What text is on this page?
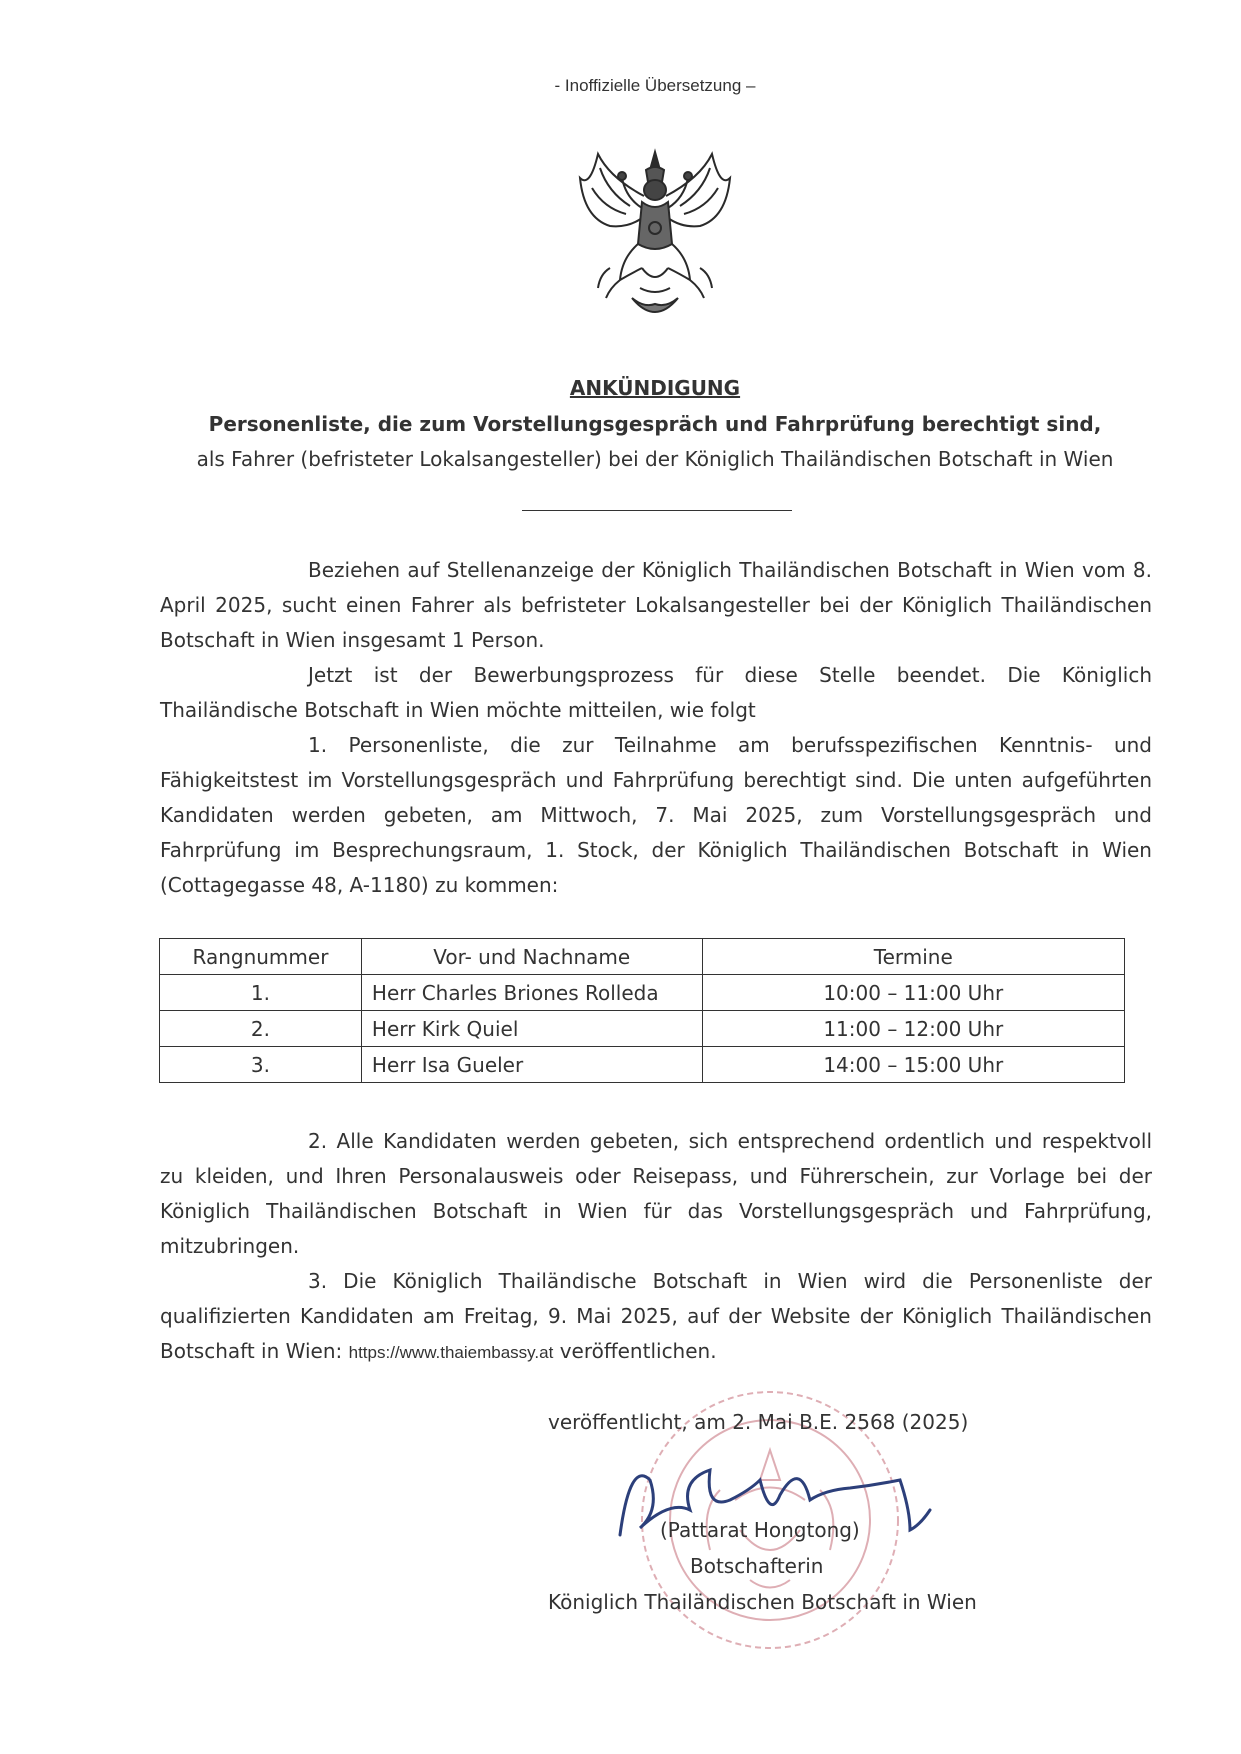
- Inoffizielle Übersetzung –
ANKÜNDIGUNG
Personenliste, die zum Vorstellungsgespräch und Fahrprüfung berechtigt sind,
als Fahrer (befristeter Lokalsangesteller) bei der Königlich Thailändischen Botschaft in Wien
Beziehen auf Stellenanzeige der Königlich Thailändischen Botschaft in Wien vom 8. April 2025, sucht einen Fahrer als befristeter Lokalsangesteller bei der Königlich Thailändischen Botschaft in Wien insgesamt 1 Person.
Jetzt ist der Bewerbungsprozess für diese Stelle beendet. Die Königlich Thailändische Botschaft in Wien möchte mitteilen, wie folgt
1. Personenliste, die zur Teilnahme am berufsspezifischen Kenntnis- und Fähigkeitstest im Vorstellungsgespräch und Fahrprüfung berechtigt sind. Die unten aufgeführten Kandidaten werden gebeten, am Mittwoch, 7. Mai 2025, zum Vorstellungsgespräch und Fahrprüfung im Besprechungsraum, 1. Stock, der Königlich Thailändischen Botschaft in Wien (Cottagegasse 48, A-1180) zu kommen:
Rangnummer	Vor- und Nachname	Termine
1.	Herr Charles Briones Rolleda	10:00 – 11:00 Uhr
2.	Herr Kirk Quiel	11:00 – 12:00 Uhr
3.	Herr Isa Gueler	14:00 – 15:00 Uhr
2. Alle Kandidaten werden gebeten, sich entsprechend ordentlich und respektvoll zu kleiden, und Ihren Personalausweis oder Reisepass, und Führerschein, zur Vorlage bei der Königlich Thailändischen Botschaft in Wien für das Vorstellungsgespräch und Fahrprüfung, mitzubringen.
3. Die Königlich Thailändische Botschaft in Wien wird die Personenliste der qualifizierten Kandidaten am Freitag, 9. Mai 2025, auf der Website der Königlich Thailändischen Botschaft in Wien: https://www.thaiembassy.at veröffentlichen.
veröffentlicht, am 2. Mai B.E. 2568 (2025)
(Pattarat Hongtong)
Botschafterin
Königlich Thailändischen Botschaft in Wien
